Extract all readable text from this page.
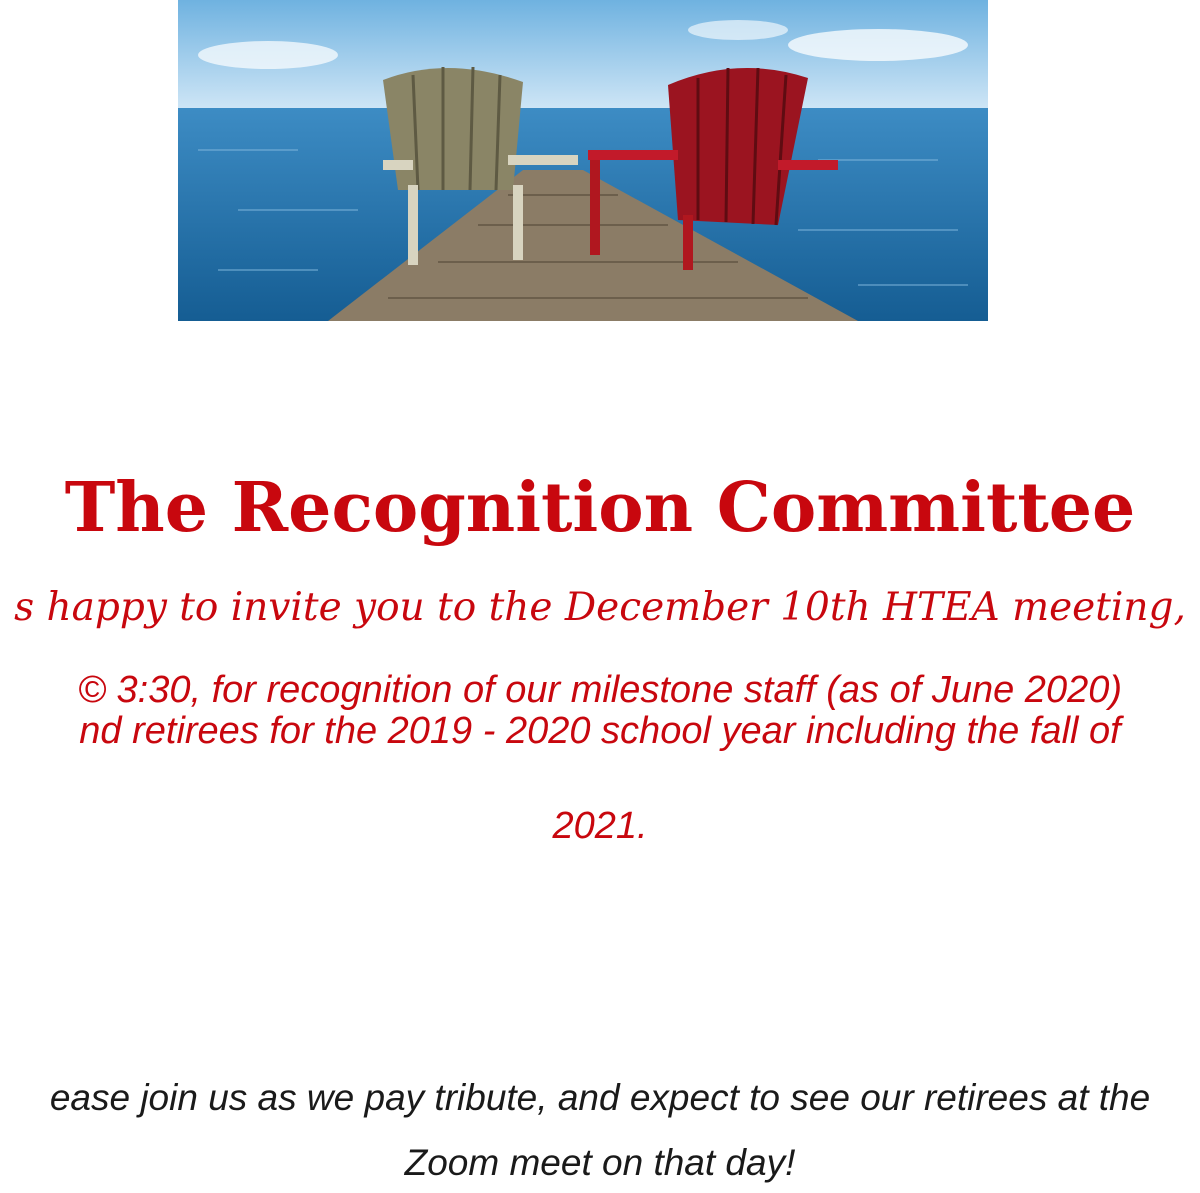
The Recognition Committee
s happy to invite you to the December 10th HTEA meeting,
© 3:30, for recognition of our milestone staff (as of June 2020)
nd retirees for the 2019 - 2020 school year including the fall of
2021.
ease join us as we pay tribute, and expect to see our retirees at the
Zoom meet on that day!
